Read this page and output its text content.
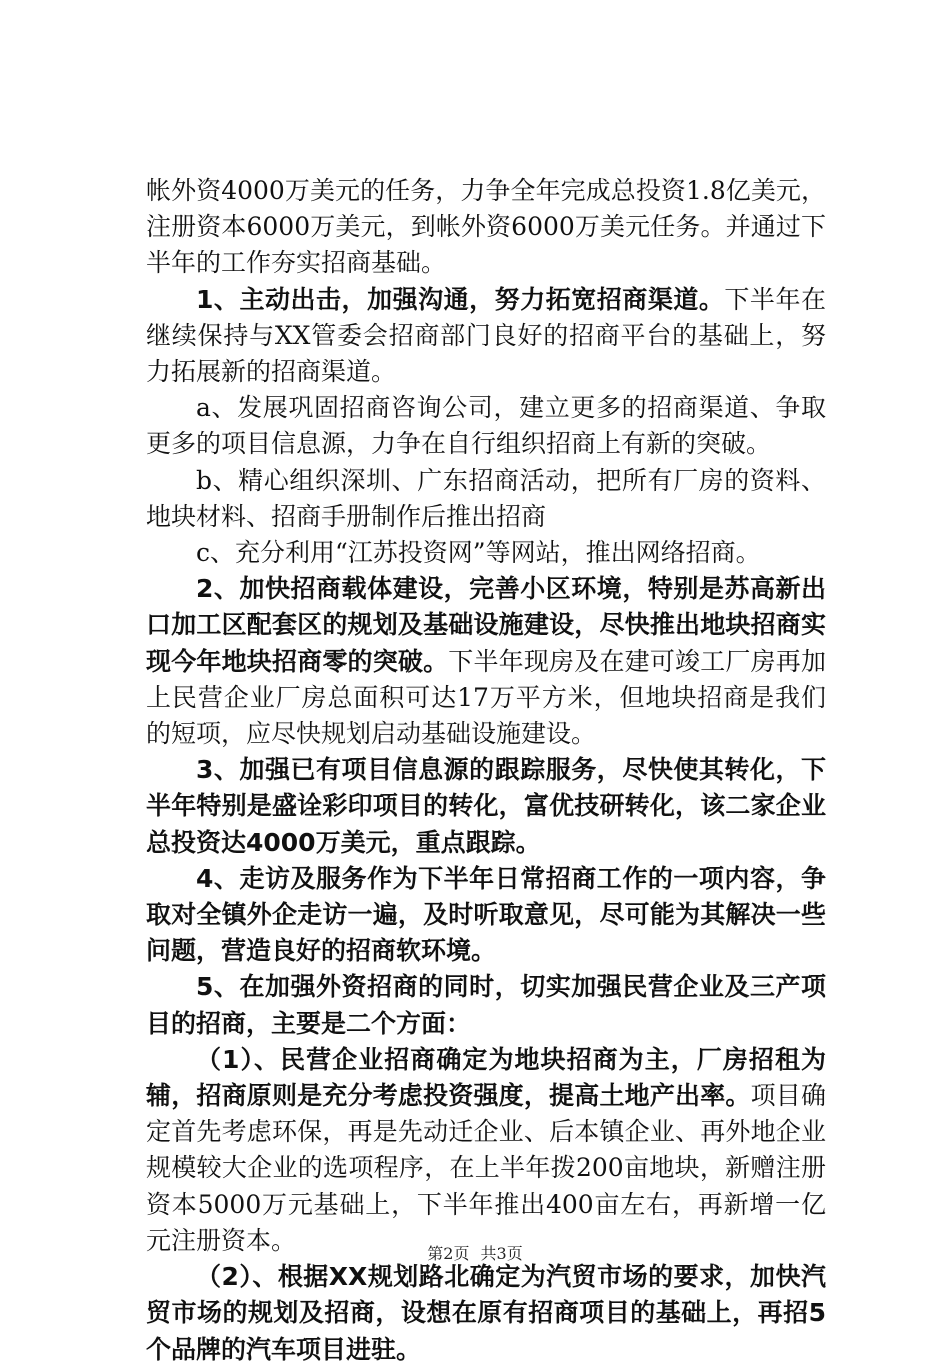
帐外资4000万美元的任务，力争全年完成总投资1.8亿美元，注册资本6000万美元，到帐外资6000万美元任务。并通过下半年的工作夯实招商基础。

1、主动出击，加强沟通，努力拓宽招商渠道。下半年在继续保持与XX管委会招商部门良好的招商平台的基础上，努力拓展新的招商渠道。

a、发展巩固招商咨询公司，建立更多的招商渠道、争取更多的项目信息源，力争在自行组织招商上有新的突破。

b、精心组织深圳、广东招商活动，把所有厂房的资料、地块材料、招商手册制作后推出招商

c、充分利用“江苏投资网”等网站，推出网络招商。

2、加快招商载体建设，完善小区环境，特别是苏高新出口加工区配套区的规划及基础设施建设，尽快推出地块招商实现今年地块招商零的突破。下半年现房及在建可竣工厂房再加上民营企业厂房总面积可达17万平方米，但地块招商是我们的短项，应尽快规划启动基础设施建设。

3、加强已有项目信息源的跟踪服务，尽快使其转化，下半年特别是盛诠彩印项目的转化，富优技研转化，该二家企业总投资达4000万美元，重点跟踪。

4、走访及服务作为下半年日常招商工作的一项内容，争取对全镇外企走访一遍，及时听取意见，尽可能为其解决一些问题，营造良好的招商软环境。

5、在加强外资招商的同时，切实加强民营企业及三产项目的招商，主要是二个方面：

（1）、民营企业招商确定为地块招商为主，厂房招租为辅，招商原则是充分考虑投资强度，提高土地产出率。项目确定首先考虑环保，再是先动迁企业、后本镇企业、再外地企业规模较大企业的选项程序，在上半年拨200亩地块，新赠注册资本5000万元基础上，下半年推出400亩左右，再新增一亿元注册资本。

（2）、根据XX规划路北确定为汽贸市场的要求，加快汽贸市场的规划及招商，设想在原有招商项目的基础上，再招5个品牌的汽车项目进驻。

第2页 共3页
